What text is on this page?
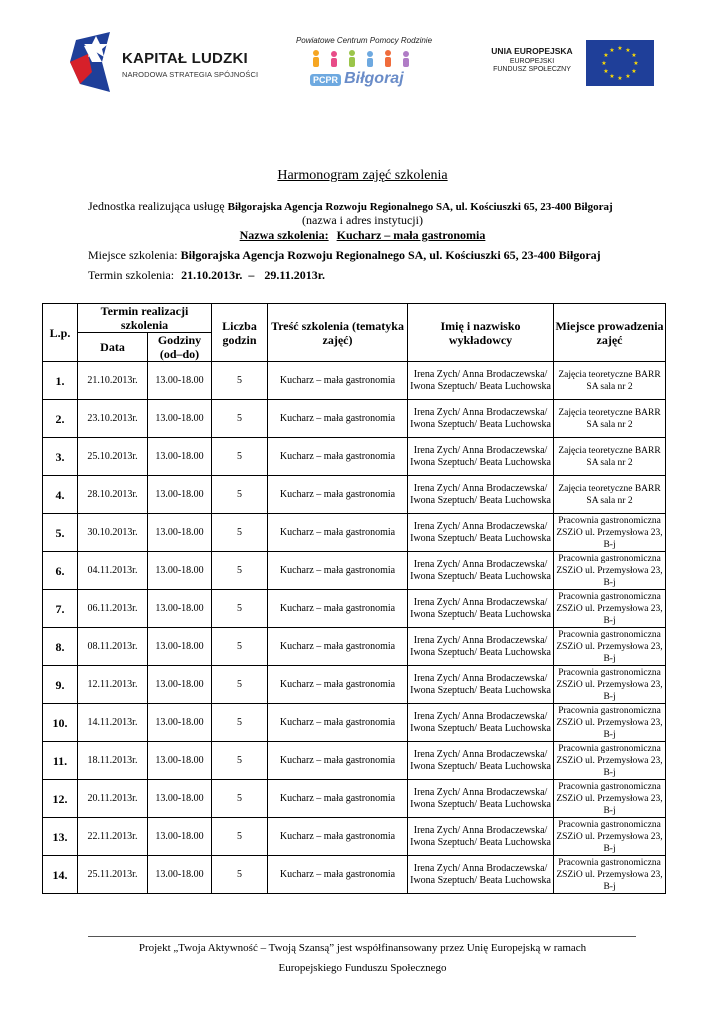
KAPITAŁ LUDZKI
NARODOWA STRATEGIA SPÓJNOŚCI
Powiatowe Centrum Pomocy Rodzinie
PCPR Biłgoraj
UNIA EUROPEJSKA
EUROPEJSKI
FUNDUSZ SPOŁECZNY
★ ★
★
★
★
★
★
★
★
★
★
★
Harmonogram zajęć szkolenia
Jednostka realizująca usługę Biłgorajska Agencja Rozwoju Regionalnego SA, ul. Kościuszki 65, 23-400 Biłgoraj
(nazwa i adres instytucji)
Nazwa szkolenia: Kucharz – mała gastronomia
Miejsce szkolenia: Biłgorajska Agencja Rozwoju Regionalnego SA, ul. Kościuszki 65, 23-400 Biłgoraj
Termin szkolenia: 21.10.2013r. – 29.11.2013r.
L.p.	Termin realizacji szkolenia		Liczba godzin	Treść szkolenia (tematyka zajęć)	Imię i nazwisko wykładowcy	Miejsce prowadzenia zajęć
	Data	Godziny (od–do)				
1.	21.10.2013r.	13.00-18.00	5	Kucharz – mała gastronomia	Irena Zych/ Anna Brodaczewska/ Iwona Szeptuch/ Beata Luchowska	Zajęcia teoretyczne BARR SA sala nr 2
2.	23.10.2013r.	13.00-18.00	5	Kucharz – mała gastronomia	Irena Zych/ Anna Brodaczewska/ Iwona Szeptuch/ Beata Luchowska	Zajęcia teoretyczne BARR SA sala nr 2
3.	25.10.2013r.	13.00-18.00	5	Kucharz – mała gastronomia	Irena Zych/ Anna Brodaczewska/ Iwona Szeptuch/ Beata Luchowska	Zajęcia teoretyczne BARR SA sala nr 2
4.	28.10.2013r.	13.00-18.00	5	Kucharz – mała gastronomia	Irena Zych/ Anna Brodaczewska/ Iwona Szeptuch/ Beata Luchowska	Zajęcia teoretyczne BARR SA sala nr 2
5.	30.10.2013r.	13.00-18.00	5	Kucharz – mała gastronomia	Irena Zych/ Anna Brodaczewska/ Iwona Szeptuch/ Beata Luchowska	Pracownia gastronomiczna ZSZiO ul. Przemysłowa 23, B-j
6.	04.11.2013r.	13.00-18.00	5	Kucharz – mała gastronomia	Irena Zych/ Anna Brodaczewska/ Iwona Szeptuch/ Beata Luchowska	Pracownia gastronomiczna ZSZiO ul. Przemysłowa 23, B-j
7.	06.11.2013r.	13.00-18.00	5	Kucharz – mała gastronomia	Irena Zych/ Anna Brodaczewska/ Iwona Szeptuch/ Beata Luchowska	Pracownia gastronomiczna ZSZiO ul. Przemysłowa 23, B-j
8.	08.11.2013r.	13.00-18.00	5	Kucharz – mała gastronomia	Irena Zych/ Anna Brodaczewska/ Iwona Szeptuch/ Beata Luchowska	Pracownia gastronomiczna ZSZiO ul. Przemysłowa 23, B-j
9.	12.11.2013r.	13.00-18.00	5	Kucharz – mała gastronomia	Irena Zych/ Anna Brodaczewska/ Iwona Szeptuch/ Beata Luchowska	Pracownia gastronomiczna ZSZiO ul. Przemysłowa 23, B-j
10.	14.11.2013r.	13.00-18.00	5	Kucharz – mała gastronomia	Irena Zych/ Anna Brodaczewska/ Iwona Szeptuch/ Beata Luchowska	Pracownia gastronomiczna ZSZiO ul. Przemysłowa 23, B-j
11.	18.11.2013r.	13.00-18.00	5	Kucharz – mała gastronomia	Irena Zych/ Anna Brodaczewska/ Iwona Szeptuch/ Beata Luchowska	Pracownia gastronomiczna ZSZiO ul. Przemysłowa 23, B-j
12.	20.11.2013r.	13.00-18.00	5	Kucharz – mała gastronomia	Irena Zych/ Anna Brodaczewska/ Iwona Szeptuch/ Beata Luchowska	Pracownia gastronomiczna ZSZiO ul. Przemysłowa 23, B-j
13.	22.11.2013r.	13.00-18.00	5	Kucharz – mała gastronomia	Irena Zych/ Anna Brodaczewska/ Iwona Szeptuch/ Beata Luchowska	Pracownia gastronomiczna ZSZiO ul. Przemysłowa 23, B-j
14.	25.11.2013r.	13.00-18.00	5	Kucharz – mała gastronomia	Irena Zych/ Anna Brodaczewska/ Iwona Szeptuch/ Beata Luchowska	Pracownia gastronomiczna ZSZiO ul. Przemysłowa 23, B-j
Projekt „Twoja Aktywność – Twoją Szansą” jest współfinansowany przez Unię Europejską w ramach
Europejskiego Funduszu Społecznego
